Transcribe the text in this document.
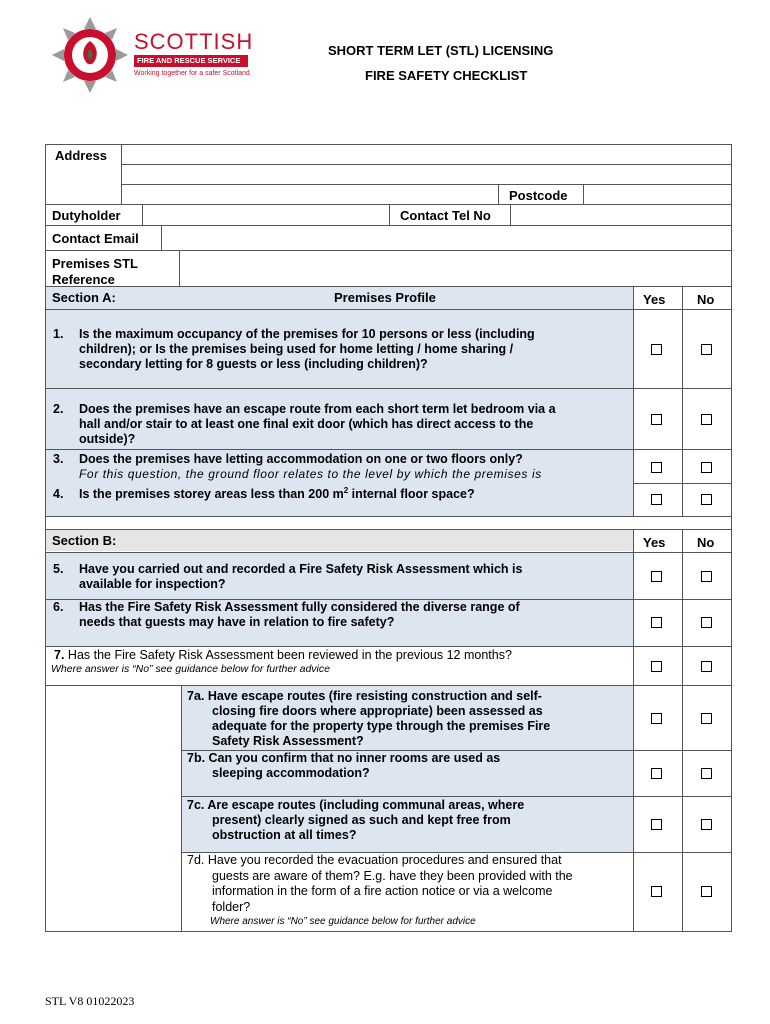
SCOTTISH
FIRE AND RESCUE SERVICE
Working together for a safer Scotland
SHORT TERM LET (STL) LICENSING
FIRE SAFETY CHECKLIST
Address
Postcode
Dutyholder	Contact Tel No
Contact Email
Premises STL
Reference
Section A:	Premises Profile	Yes No
1. Is the maximum occupancy of the premises for 10 persons or less (including
children); or Is the premises being used for home letting / home sharing /
secondary letting for 8 guests or less (including children)?
2. Does the premises have an escape route from each short term let bedroom via a
hall and/or stair to at least one final exit door (which has direct access to the
outside)?
3. Does the premises have letting accommodation on one or two floors only?
For this question, the ground floor relates to the level by which the premises is
4. Is the premises storey areas less than 200 $m^2$ internal floor space?
Section B:	Yes No
5. Have you carried out and recorded a Fire Safety Risk Assessment which is
available for inspection?
6. Has the Fire Safety Risk Assessment fully considered the diverse range of
needs that guests may have in relation to fire safety?
7. Has the Fire Safety Risk Assessment been reviewed in the previous 12 months?
Where answer is “No” see guidance below for further advice
7a. Have escape routes (fire resisting construction and self-
closing fire doors where appropriate) been assessed as
adequate for the property type through the premises Fire
Safety Risk Assessment?
7b. Can you confirm that no inner rooms are used as
sleeping accommodation?
7c. Are escape routes (including communal areas, where
present) clearly signed as such and kept free from
obstruction at all times?
7d. Have you recorded the evacuation procedures and ensured that
guests are aware of them? E.g. have they been provided with the
information in the form of a fire action notice or via a welcome
folder?
Where answer is “No” see guidance below for further advice
STL V8 01022023
